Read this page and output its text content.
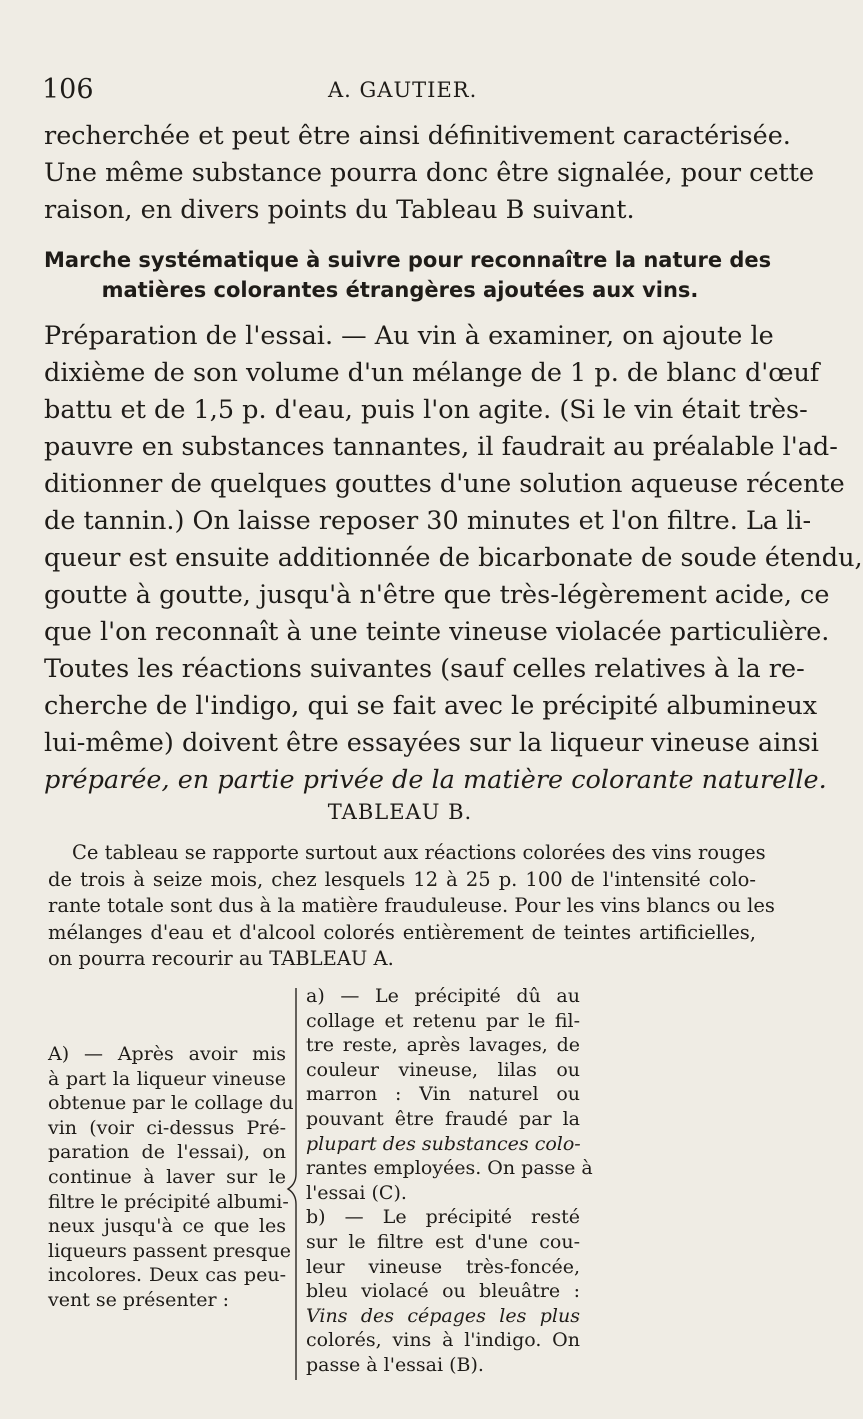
106	A. GAUTIER.
recherchée et peut être ainsi définitivement caractérisée.
Une même substance pourra donc être signalée, pour cette
raison, en divers points du Tableau B suivant.
Marche systématique à suivre pour reconnaître la nature des
matières colorantes étrangères ajoutées aux vins.
Préparation de l'essai. — Au vin à examiner, on ajoute le
dixième de son volume d'un mélange de 1 p. de blanc d'œuf
battu et de 1,5 p. d'eau, puis l'on agite. (Si le vin était très-
pauvre en substances tannantes, il faudrait au préalable l'ad-
ditionner de quelques gouttes d'une solution aqueuse récente
de tannin.) On laisse reposer 30 minutes et l'on filtre. La li-
queur est ensuite additionnée de bicarbonate de soude étendu,
goutte à goutte, jusqu'à n'être que très-légèrement acide, ce
que l'on reconnaît à une teinte vineuse violacée particulière.
Toutes les réactions suivantes (sauf celles relatives à la re-
cherche de l'indigo, qui se fait avec le précipité albumineux
lui-même) doivent être essayées sur la liqueur vineuse ainsi
préparée, en partie privée de la matière colorante naturelle.
TABLEAU B.
Ce tableau se rapporte surtout aux réactions colorées des vins rouges
de trois à seize mois, chez lesquels 12 à 25 p. 100 de l'intensité colo-
rante totale sont dus à la matière frauduleuse. Pour les vins blancs ou les
mélanges d'eau et d'alcool colorés entièrement de teintes artificielles,
on pourra recourir au TABLEAU A.
A) — Après avoir mis
à part la liqueur vineuse
obtenue par le collage du
vin (voir ci-dessus Pré-
paration de l'essai), on
continue à laver sur le
filtre le précipité albumi-
neux jusqu'à ce que les
liqueurs passent presque
incolores. Deux cas peu-
vent se présenter :
a) — Le précipité dû au
collage et retenu par le fil-
tre reste, après lavages, de
couleur vineuse, lilas ou
marron : Vin naturel ou
pouvant être fraudé par la
plupart des substances colo-
rantes employées. On passe à
l'essai (C).
b) — Le précipité resté
sur le filtre est d'une cou-
leur vineuse très-foncée,
bleu violacé ou bleuâtre :
Vins des cépages les plus
colorés, vins à l'indigo. On
passe à l'essai (B).
